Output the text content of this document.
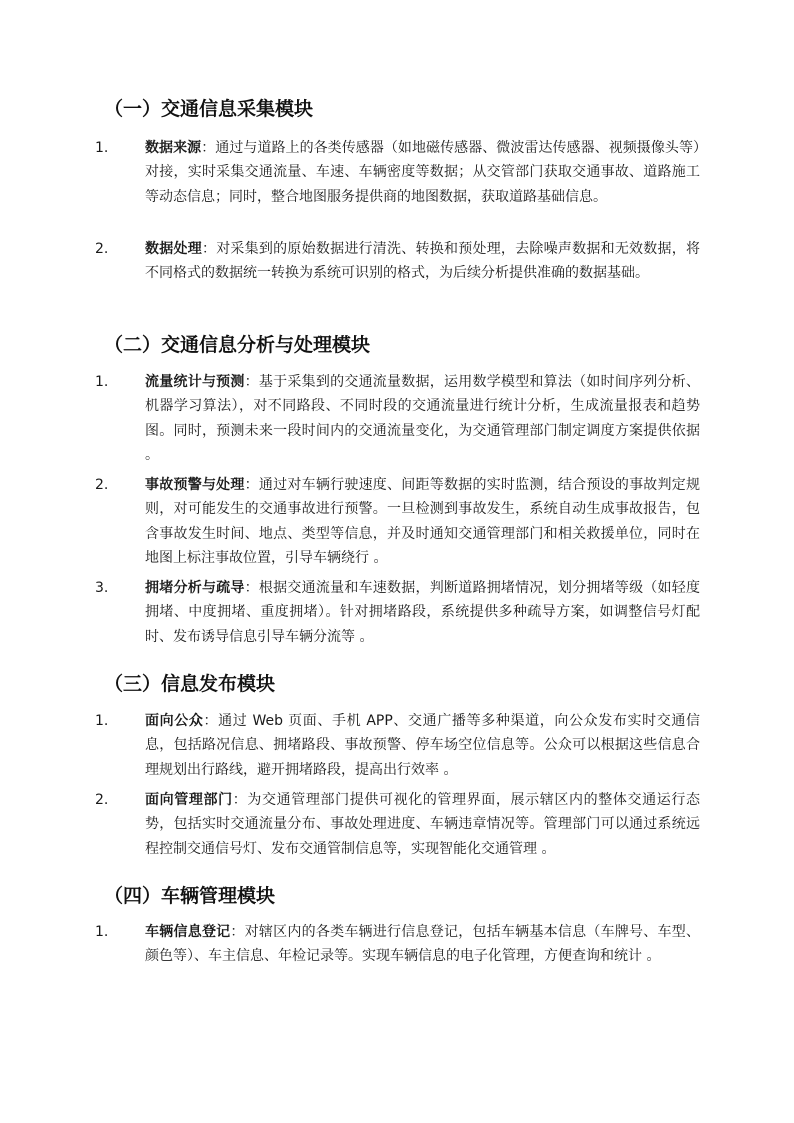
（一）交通信息采集模块
1.	数据来源：通过与道路上的各类传感器（如地磁传感器、微波雷达传感器、视频摄像头等）对接，实时采集交通流量、车速、车辆密度等数据；从交管部门获取交通事故、道路施工等动态信息；同时，整合地图服务提供商的地图数据，获取道路基础信息。

2.	数据处理：对采集到的原始数据进行清洗、转换和预处理，去除噪声数据和无效数据，将不同格式的数据统一转换为系统可识别的格式，为后续分析提供准确的数据基础。

（二）交通信息分析与处理模块
1.	流量统计与预测：基于采集到的交通流量数据，运用数学模型和算法（如时间序列分析、机器学习算法），对不同路段、不同时段的交通流量进行统计分析，生成流量报表和趋势图。同时，预测未来一段时间内的交通流量变化，为交通管理部门制定调度方案提供依据 。

2.	事故预警与处理：通过对车辆行驶速度、间距等数据的实时监测，结合预设的事故判定规则，对可能发生的交通事故进行预警。一旦检测到事故发生，系统自动生成事故报告，包含事故发生时间、地点、类型等信息，并及时通知交通管理部门和相关救援单位，同时在地图上标注事故位置，引导车辆绕行 。

3.	拥堵分析与疏导：根据交通流量和车速数据，判断道路拥堵情况，划分拥堵等级（如轻度拥堵、中度拥堵、重度拥堵）。针对拥堵路段，系统提供多种疏导方案，如调整信号灯配时、发布诱导信息引导车辆分流等 。

（三）信息发布模块
1.	面向公众：通过 Web 页面、手机 APP、交通广播等多种渠道，向公众发布实时交通信息，包括路况信息、拥堵路段、事故预警、停车场空位信息等。公众可以根据这些信息合理规划出行路线，避开拥堵路段，提高出行效率 。

2.	面向管理部门：为交通管理部门提供可视化的管理界面，展示辖区内的整体交通运行态势，包括实时交通流量分布、事故处理进度、车辆违章情况等。管理部门可以通过系统远程控制交通信号灯、发布交通管制信息等，实现智能化交通管理 。

（四）车辆管理模块
1.	车辆信息登记：对辖区内的各类车辆进行信息登记，包括车辆基本信息（车牌号、车型、颜色等）、车主信息、年检记录等。实现车辆信息的电子化管理，方便查询和统计 。
